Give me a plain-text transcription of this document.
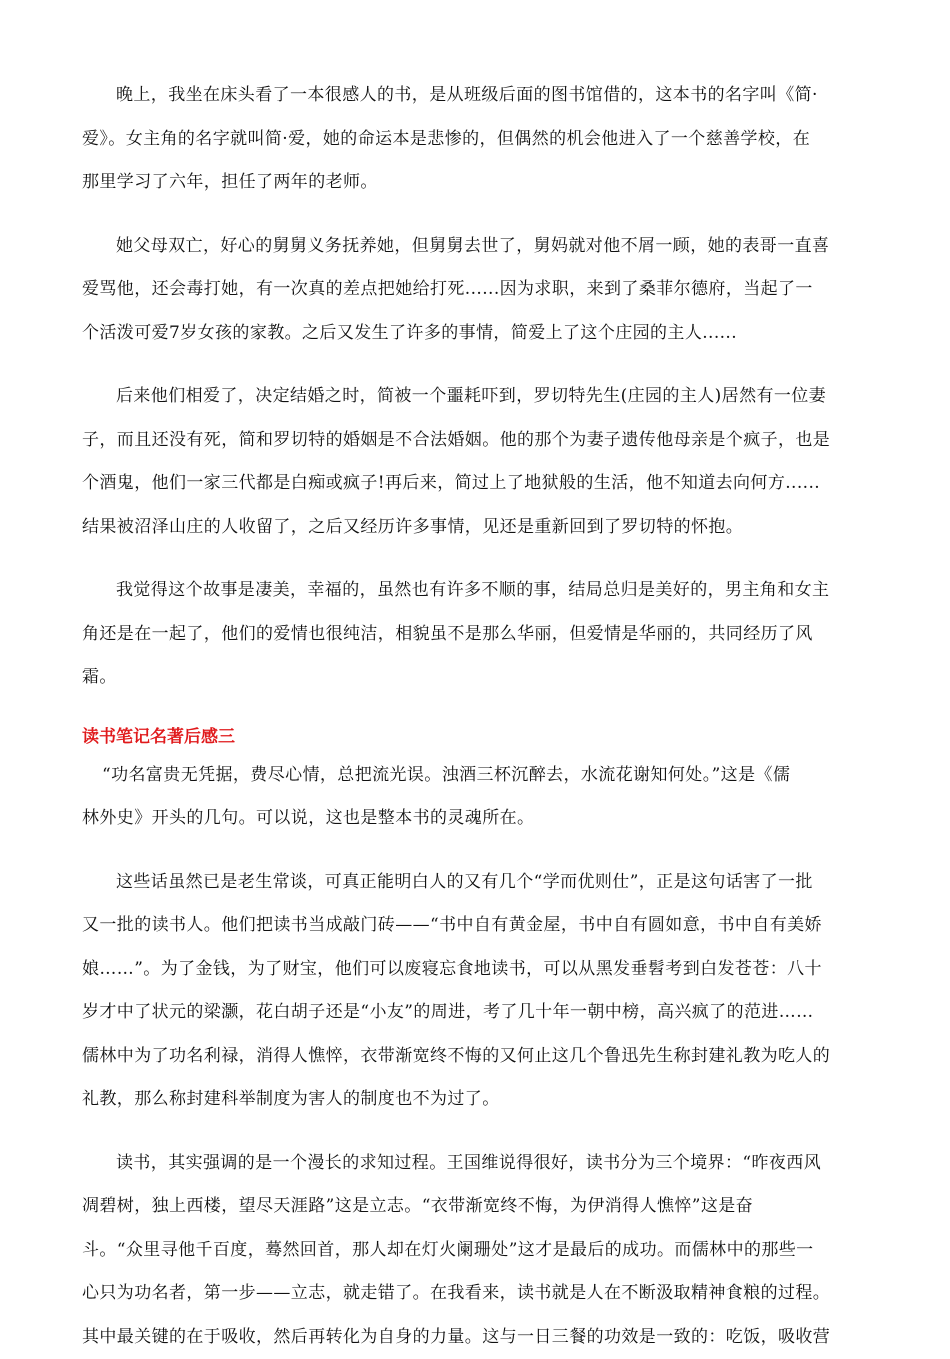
晚上，我坐在床头看了一本很感人的书，是从班级后面的图书馆借的，这本书的名字叫《简·
爱》。女主角的名字就叫简·爱，她的命运本是悲惨的，但偶然的机会他进入了一个慈善学校，在
那里学习了六年，担任了两年的老师。

她父母双亡，好心的舅舅义务抚养她，但舅舅去世了，舅妈就对他不屑一顾，她的表哥一直喜
爱骂他，还会毒打她，有一次真的差点把她给打死......因为求职，来到了桑菲尔德府，当起了一
个活泼可爱7岁女孩的家教。之后又发生了许多的事情，简爱上了这个庄园的主人......

后来他们相爱了，决定结婚之时，简被一个噩耗吓到，罗切特先生(庄园的主人)居然有一位妻
子，而且还没有死，简和罗切特的婚姻是不合法婚姻。他的那个为妻子遗传他母亲是个疯子，也是
个酒鬼，他们一家三代都是白痴或疯子!再后来，简过上了地狱般的生活，他不知道去向何方......
结果被沼泽山庄的人收留了，之后又经历许多事情，见还是重新回到了罗切特的怀抱。

我觉得这个故事是凄美，幸福的，虽然也有许多不顺的事，结局总归是美好的，男主角和女主
角还是在一起了，他们的爱情也很纯洁，相貌虽不是那么华丽，但爱情是华丽的，共同经历了风
霜。

读书笔记名著后感三

“功名富贵无凭据，费尽心情，总把流光误。浊酒三杯沉醉去，水流花谢知何处。”这是《儒
林外史》开头的几句。可以说，这也是整本书的灵魂所在。

这些话虽然已是老生常谈，可真正能明白人的又有几个“学而优则仕”，正是这句话害了一批
又一批的读书人。他们把读书当成敲门砖——“书中自有黄金屋，书中自有圆如意，书中自有美娇
娘……”。为了金钱，为了财宝，他们可以废寝忘食地读书，可以从黑发垂髫考到白发苍苍：八十
岁才中了状元的梁灏，花白胡子还是“小友”的周进，考了几十年一朝中榜，高兴疯了的范进……
儒林中为了功名利禄，消得人憔悴，衣带渐宽终不悔的又何止这几个鲁迅先生称封建礼教为吃人的
礼教，那么称封建科举制度为害人的制度也不为过了。

读书，其实强调的是一个漫长的求知过程。王国维说得很好，读书分为三个境界：“昨夜西风
凋碧树，独上西楼，望尽天涯路”这是立志。“衣带渐宽终不悔，为伊消得人憔悴”这是奋
斗。“众里寻他千百度，蓦然回首，那人却在灯火阑珊处”这才是最后的成功。而儒林中的那些一
心只为功名者，第一步——立志，就走错了。在我看来，读书就是人在不断汲取精神食粮的过程。
其中最关键的在于吸收，然后再转化为自身的力量。这与一日三餐的功效是一致的：吃饭，吸收营
